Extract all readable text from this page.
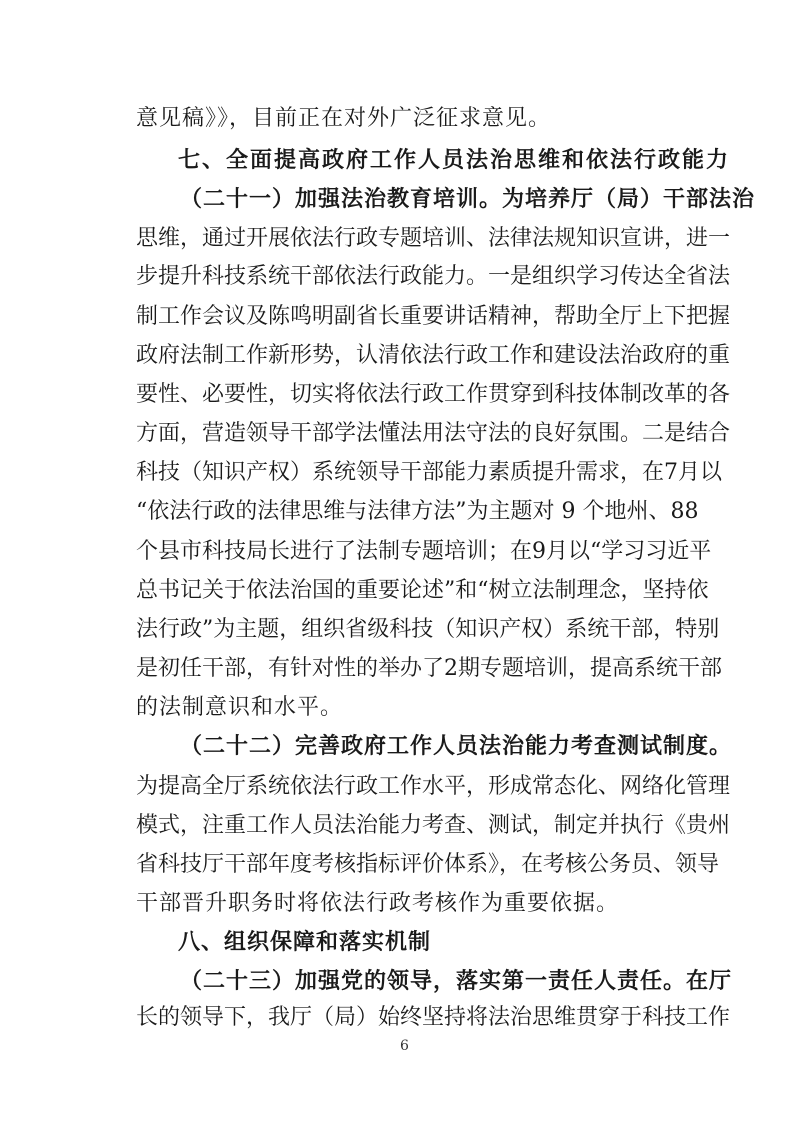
意见稿》》，目前正在对外广泛征求意见。

七、全面提高政府工作人员法治思维和依法行政能力

（二十一）加强法治教育培训。为培养厅（局）干部法治

思维，通过开展依法行政专题培训、法律法规知识宣讲，进一

步提升科技系统干部依法行政能力。一是组织学习传达全省法

制工作会议及陈鸣明副省长重要讲话精神，帮助全厅上下把握

政府法制工作新形势，认清依法行政工作和建设法治政府的重

要性、必要性，切实将依法行政工作贯穿到科技体制改革的各

方面，营造领导干部学法懂法用法守法的良好氛围。二是结合

科技（知识产权）系统领导干部能力素质提升需求，在7月以

“依法行政的法律思维与法律方法”为主题对 9 个地州、88

个县市科技局长进行了法制专题培训；在9月以“学习习近平

总书记关于依法治国的重要论述”和“树立法制理念，坚持依

法行政”为主题，组织省级科技（知识产权）系统干部，特别

是初任干部，有针对性的举办了2期专题培训，提高系统干部

的法制意识和水平。

（二十二）完善政府工作人员法治能力考查测试制度。

为提高全厅系统依法行政工作水平，形成常态化、网络化管理

模式，注重工作人员法治能力考查、测试，制定并执行《贵州

省科技厅干部年度考核指标评价体系》，在考核公务员、领导

干部晋升职务时将依法行政考核作为重要依据。

八、组织保障和落实机制

（二十三）加强党的领导，落实第一责任人责任。在厅

长的领导下，我厅（局）始终坚持将法治思维贯穿于科技工作

6
